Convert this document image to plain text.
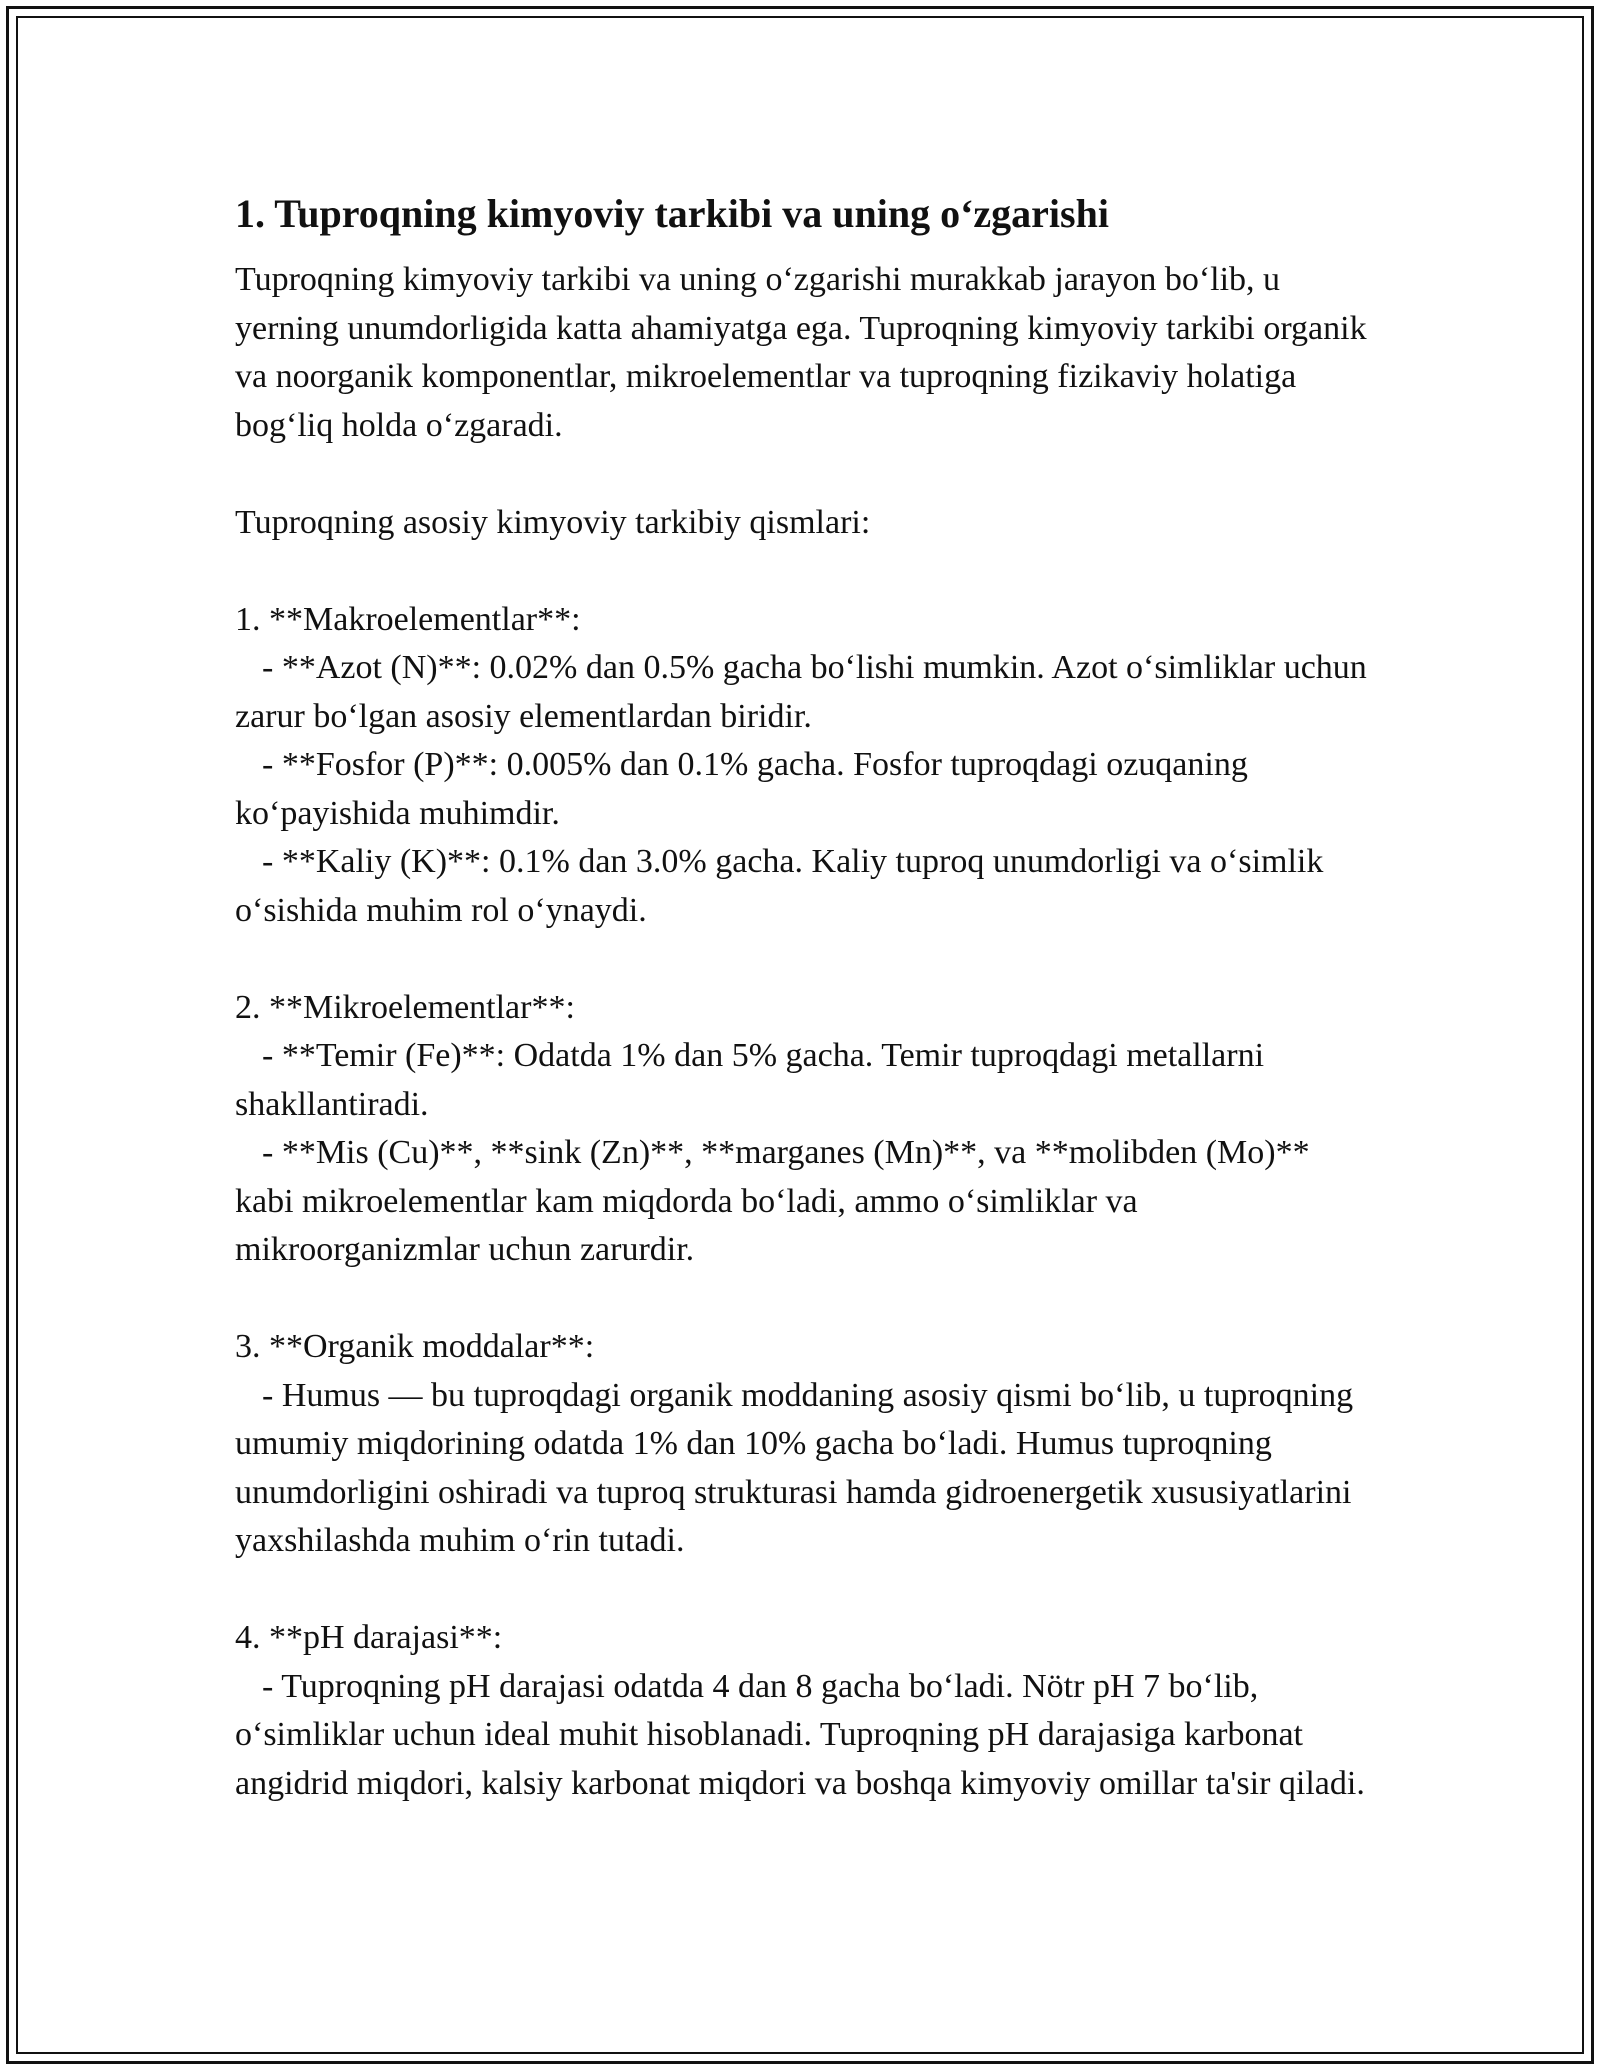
1. Tuproqning kimyoviy tarkibi va uning o‘zgarishi
Tuproqning kimyoviy tarkibi va uning o‘zgarishi murakkab jarayon bo‘lib, u yerning unumdorligida katta ahamiyatga ega. Tuproqning kimyoviy tarkibi organik va noorganik komponentlar, mikroelementlar va tuproqning fizikaviy holatiga bog‘liq holda o‘zgaradi.
Tuproqning asosiy kimyoviy tarkibiy qismlari:
1. **Makroelementlar**:
- **Azot (N)**: 0.02% dan 0.5% gacha bo‘lishi mumkin. Azot o‘simliklar uchun zarur bo‘lgan asosiy elementlardan biridir.
- **Fosfor (P)**: 0.005% dan 0.1% gacha. Fosfor tuproqdagi ozuqaning ko‘payishida muhimdir.
- **Kaliy (K)**: 0.1% dan 3.0% gacha. Kaliy tuproq unumdorligi va o‘simlik o‘sishida muhim rol o‘ynaydi.
2. **Mikroelementlar**:
- **Temir (Fe)**: Odatda 1% dan 5% gacha. Temir tuproqdagi metallarni shakllantiradi.
- **Mis (Cu)**, **sink (Zn)**, **marganes (Mn)**, va **molibden (Mo)** kabi mikroelementlar kam miqdorda bo‘ladi, ammo o‘simliklar va mikroorganizmlar uchun zarurdir.
3. **Organik moddalar**:
- Humus — bu tuproqdagi organik moddaning asosiy qismi bo‘lib, u tuproqning umumiy miqdorining odatda 1% dan 10% gacha bo‘ladi. Humus tuproqning unumdorligini oshiradi va tuproq strukturasi hamda gidroenergetik xususiyatlarini yaxshilashda muhim o‘rin tutadi.
4. **pH darajasi**:
- Tuproqning pH darajasi odatda 4 dan 8 gacha bo‘ladi. Nötr pH 7 bo‘lib, o‘simliklar uchun ideal muhit hisoblanadi. Tuproqning pH darajasiga karbonat angidrid miqdori, kalsiy karbonat miqdori va boshqa kimyoviy omillar ta'sir qiladi.
